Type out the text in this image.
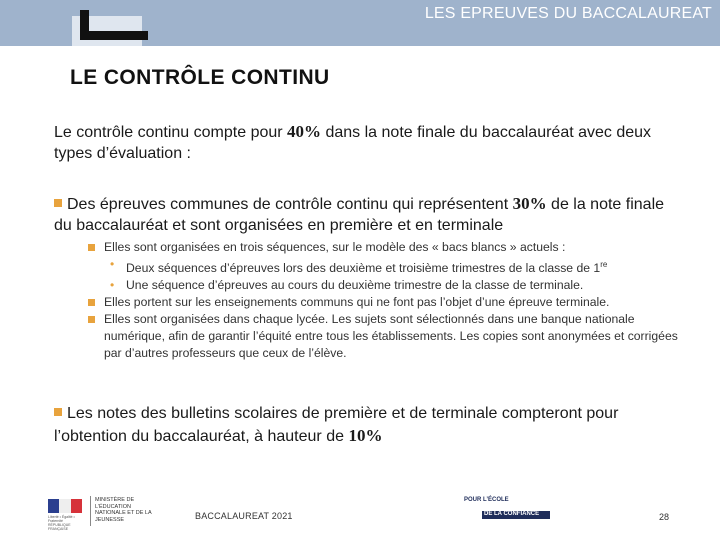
LES EPREUVES DU BACCALAUREAT
LE CONTRÔLE CONTINU
Le contrôle continu compte pour 40% dans la note finale du baccalauréat avec deux types d’évaluation :
Des épreuves communes de contrôle continu qui représentent 30% de la note finale du baccalauréat et sont organisées en première et en terminale
Elles sont organisées en trois séquences, sur le modèle des « bacs blancs » actuels :
• Deux séquences d’épreuves lors des deuxième et troisième trimestres de la classe de 1re
• Une séquence d’épreuves au cours du deuxième trimestre de la classe de terminale.
Elles portent sur les enseignements communs qui ne font pas l’objet d’une épreuve terminale.
Elles sont organisées dans chaque lycée. Les sujets sont sélectionnés dans une banque nationale numérique, afin de garantir l’équité entre tous les établissements. Les copies sont anonymées et corrigées par d’autres professeurs que ceux de l’élève.
Les notes des bulletins scolaires de première et de terminale compteront pour l’obtention du baccalauréat, à hauteur de 10%
Liberté • Égalité • Fraternité RÉPUBLIQUE FRANÇAISE
MINISTÈRE DE L’ÉDUCATION NATIONALE ET DE LA JEUNESSE	BACCALAUREAT 2021
POUR L’ÉCOLE
DE LA CONFIANCE	28
